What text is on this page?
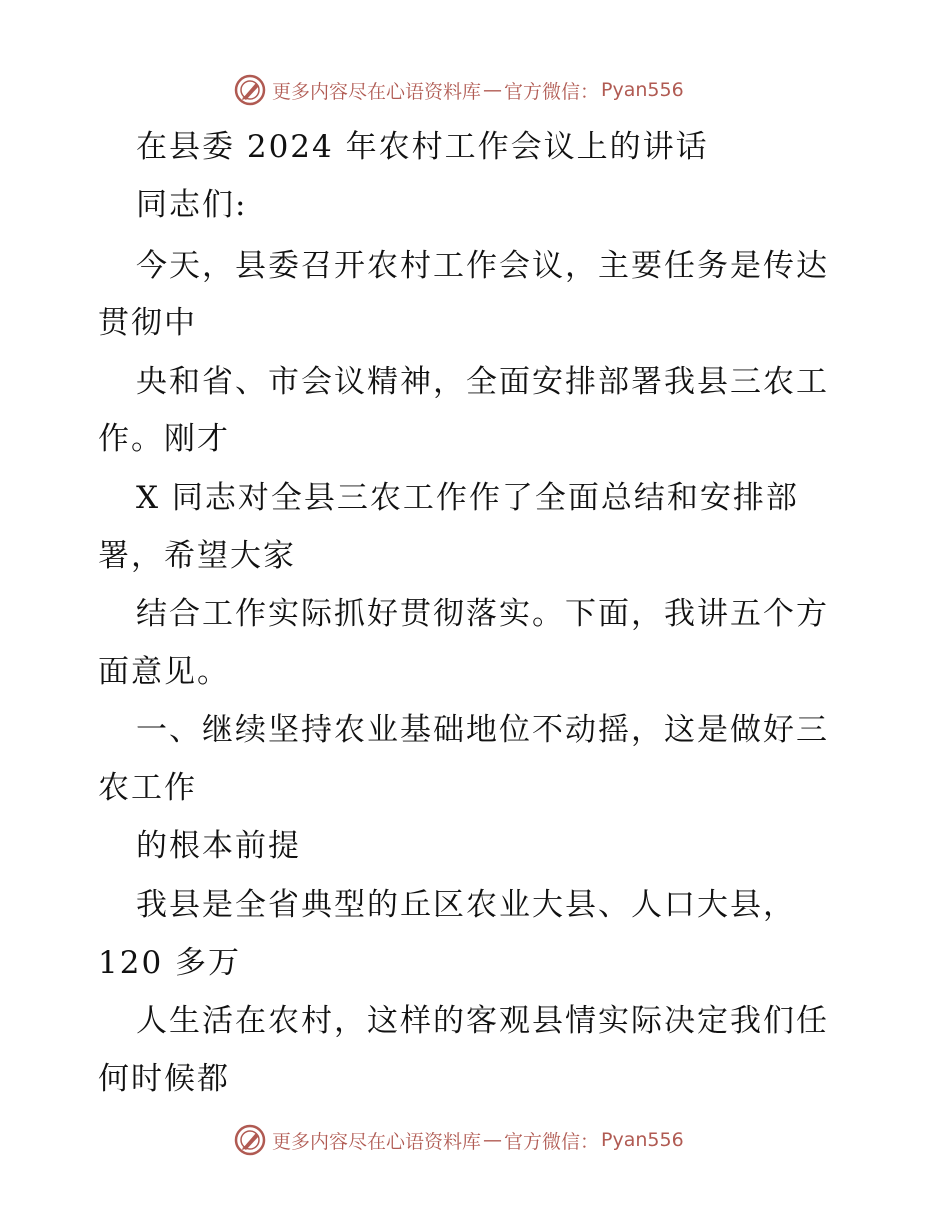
更多内容尽在心语资料库 — 官方微信： Pyan556
在县委 2024 年农村工作会议上的讲话
同志们:
今天，县委召开农村工作会议，主要任务是传达
贯彻中
央和省、市会议精神，全面安排部署我县三农工
作。刚才
X 同志对全县三农工作作了全面总结和安排部
署，希望大家
结合工作实际抓好贯彻落实。下面，我讲五个方
面意见。
一、继续坚持农业基础地位不动摇，这是做好三
农工作
的根本前提
我县是全省典型的丘区农业大县、人口大县，
120 多万
人生活在农村，这样的客观县情实际决定我们任
何时候都
更多内容尽在心语资料库 — 官方微信： Pyan556
